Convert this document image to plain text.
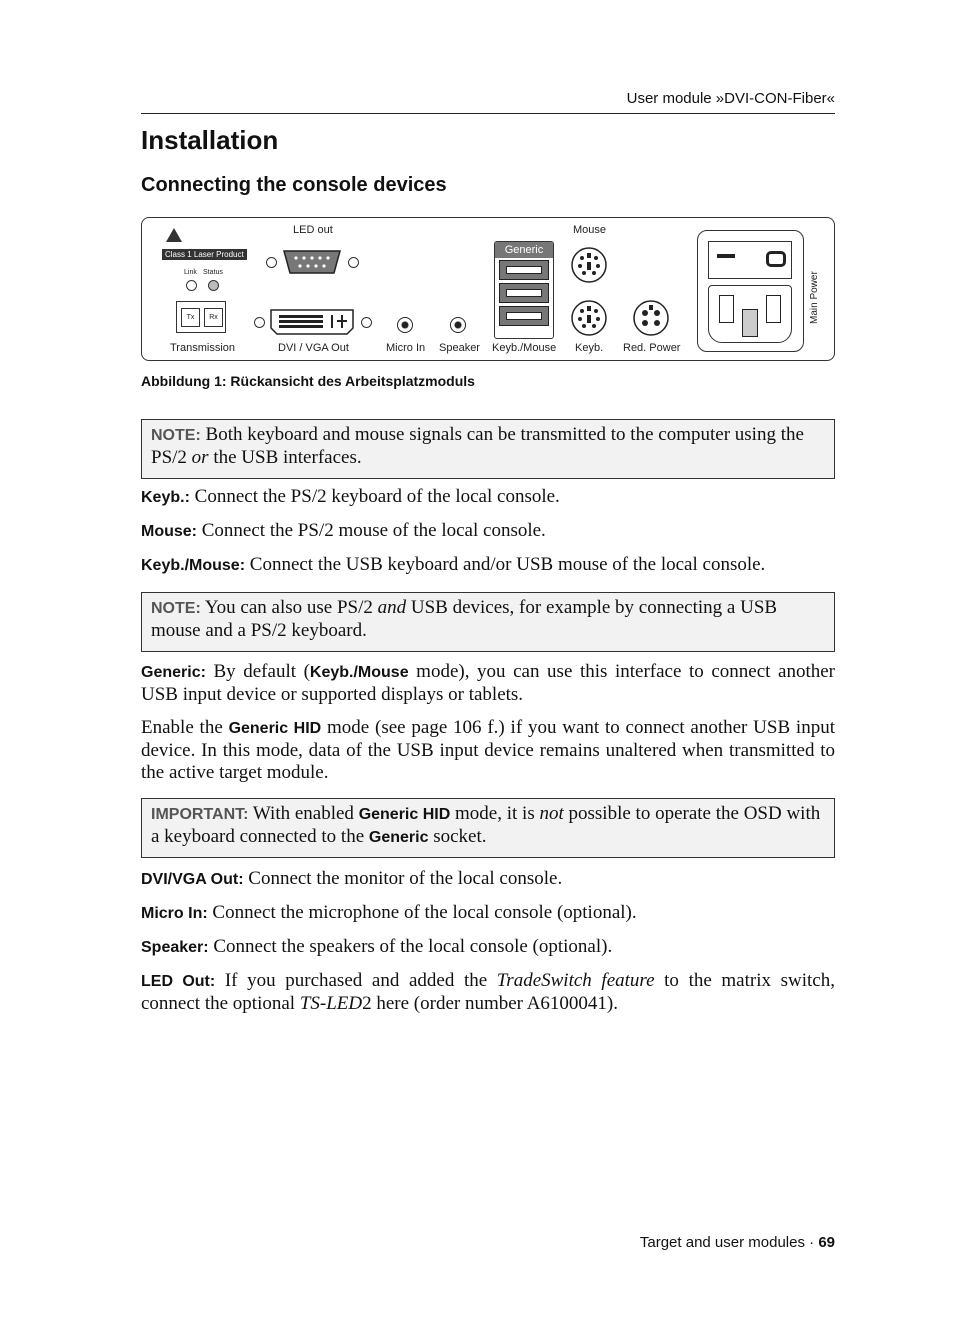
User module »DVI-CON-Fiber«
Installation
Connecting the console devices
Class 1 Laser Product
Link Status
Tx	Rx
LED out
Generic
Mouse
Main Power
Transmission	DVI / VGA Out	Micro In Speaker Keyb./Mouse Keyb. Red. Power
Abbildung 1: Rückansicht des Arbeitsplatzmoduls
NOTE: Both keyboard and mouse signals can be transmitted to the computer using the PS/2 or the USB interfaces.
Keyb.: Connect the PS/2 keyboard of the local console.
Mouse: Connect the PS/2 mouse of the local console.
Keyb./Mouse: Connect the USB keyboard and/or USB mouse of the local console.
NOTE: You can also use PS/2 and USB devices, for example by connecting a USB mouse and a PS/2 keyboard.
Generic: By default (Keyb./Mouse mode), you can use this interface to connect another USB input device or supported displays or tablets.
Enable the Generic HID mode (see page 106 f.) if you want to connect another USB input device. In this mode, data of the USB input device remains unaltered when transmitted to the active target module.
IMPORTANT: With enabled Generic HID mode, it is not possible to operate the OSD with a keyboard connected to the Generic socket.
DVI/VGA Out: Connect the monitor of the local console.
Micro In: Connect the microphone of the local console (optional).
Speaker: Connect the speakers of the local console (optional).
LED Out: If you purchased and added the TradeSwitch feature to the matrix switch, connect the optional TS-LED2 here (order number A6100041).
Target and user modules · 69
